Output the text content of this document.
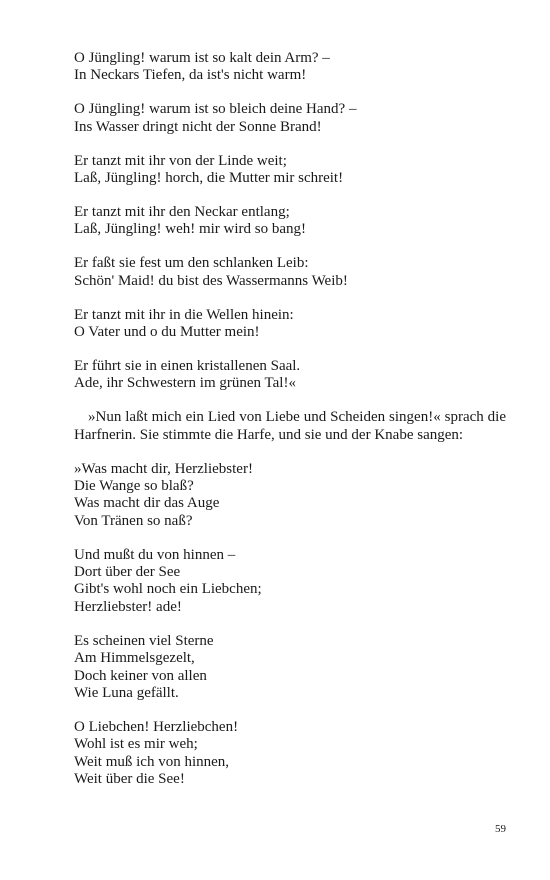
O Jüngling! warum ist so kalt dein Arm? –
In Neckars Tiefen, da ist's nicht warm!
O Jüngling! warum ist so bleich deine Hand? –
Ins Wasser dringt nicht der Sonne Brand!
Er tanzt mit ihr von der Linde weit;
Laß, Jüngling! horch, die Mutter mir schreit!
Er tanzt mit ihr den Neckar entlang;
Laß, Jüngling! weh! mir wird so bang!
Er faßt sie fest um den schlanken Leib:
Schön' Maid! du bist des Wassermanns Weib!
Er tanzt mit ihr in die Wellen hinein:
O Vater und o du Mutter mein!
Er führt sie in einen kristallenen Saal.
Ade, ihr Schwestern im grünen Tal!«

»Nun laßt mich ein Lied von Liebe und Scheiden singen!« sprach die Harfnerin. Sie stimmte die Harfe, und sie und der Knabe sangen:

»Was macht dir, Herzliebster!
Die Wange so blaß?
Was macht dir das Auge
Von Tränen so naß?
Und mußt du von hinnen –
Dort über der See
Gibt's wohl noch ein Liebchen;
Herzliebster! ade!
Es scheinen viel Sterne
Am Himmelsgezelt,
Doch keiner von allen
Wie Luna gefällt.
O Liebchen! Herzliebchen!
Wohl ist es mir weh;
Weit muß ich von hinnen,
Weit über die See!
59
